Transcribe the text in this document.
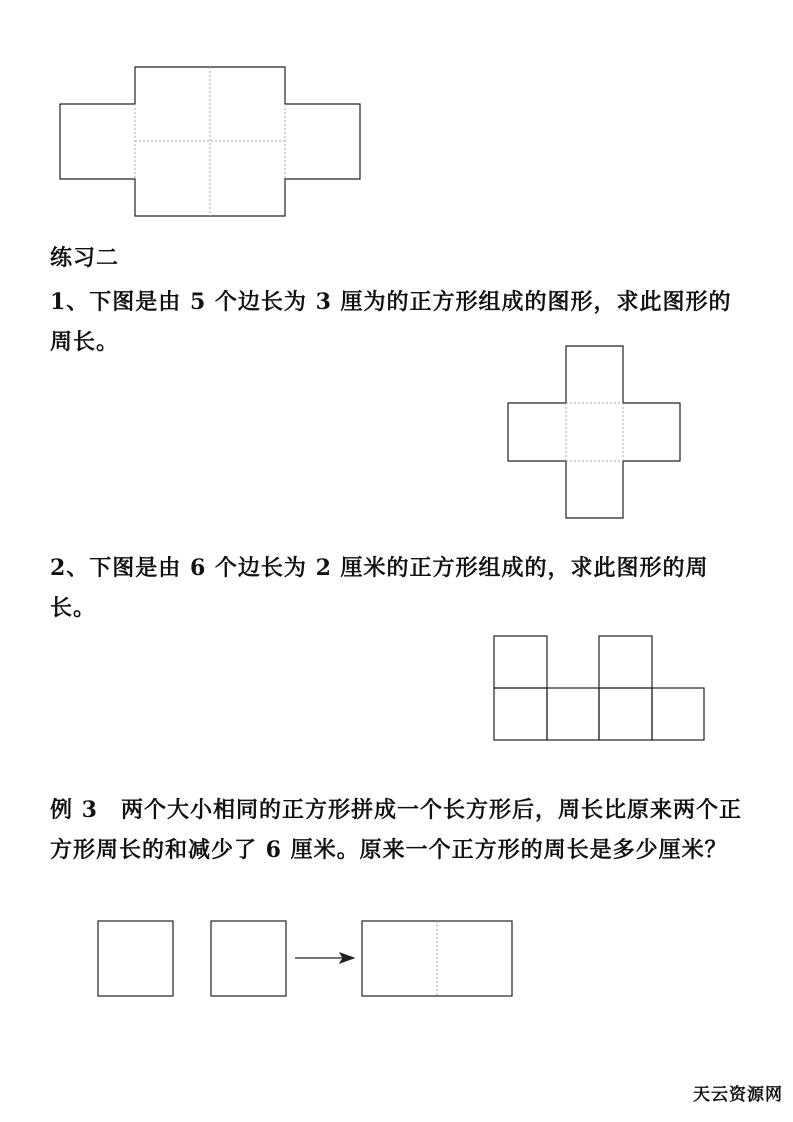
练习二

1、下图是由 5 个边长为 3 厘为的正方形组成的图形，求此图形的周长。

2、下图是由 6 个边长为 2 厘米的正方形组成的，求此图形的周长。

例 3　两个大小相同的正方形拼成一个长方形后，周长比原来两个正方形周长的和减少了 6 厘米。原来一个正方形的周长是多少厘米？

天云资源网
